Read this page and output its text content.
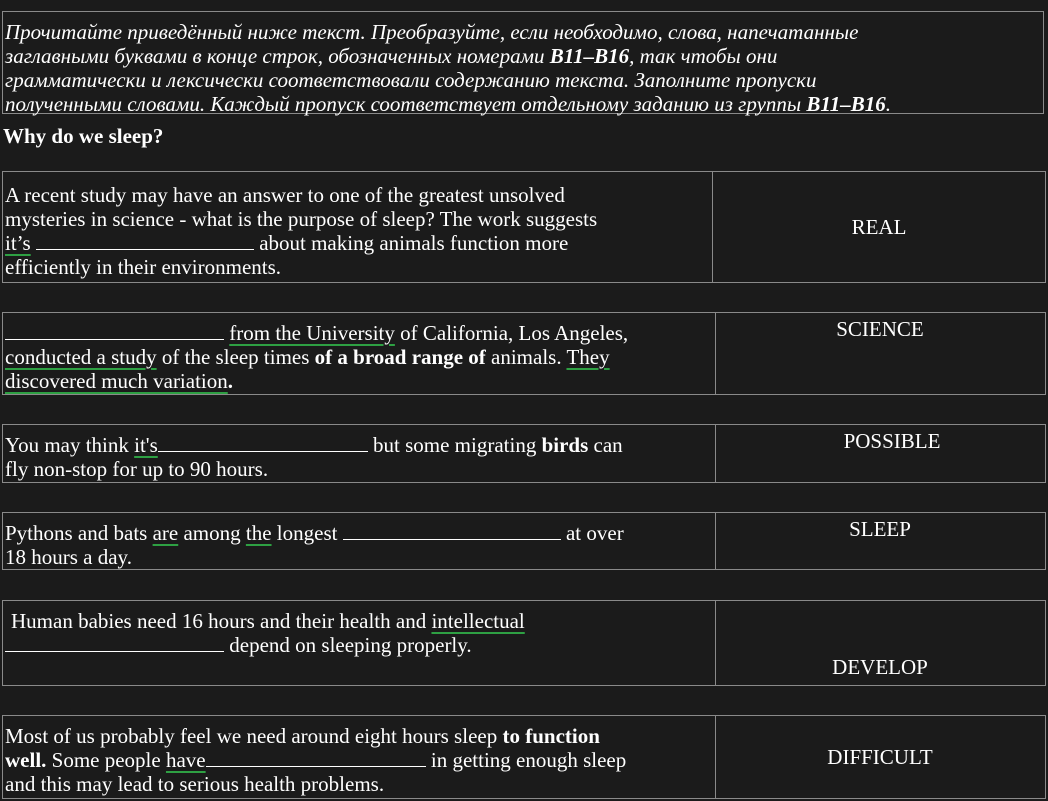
Прочитайте приведённый ниже текст. Преобразуйте, если необходимо, слова, напечатанные
заглавными буквами в конце строк, обозначенных номерами B11–B16, так чтобы они
грамматически и лексически соответствовали содержанию текста. Заполните пропуски
полученными словами. Каждый пропуск соответствует отдельному заданию из группы B11–B16.
Why do we sleep?
A recent study may have an answer to one of the greatest unsolved
mysteries in science - what is the purpose of sleep? The work suggests
it’s	about making animals function more
efficiently in their environments.
REAL
from the University of California, Los Angeles,
conducted a study of the sleep times of a broad range of animals. They
discovered much variation.
SCIENCE
You may think it's	but some migrating birds can
fly non-stop for up to 90 hours.
POSSIBLE
Pythons and bats are among the longest	at over
18 hours a day.
SLEEP
Human babies need 16 hours and their health and intellectual
depend on sleeping properly.
DEVELOP
Most of us probably feel we need around eight hours sleep to function
well. Some people have	in getting enough sleep
and this may lead to serious health problems.
DIFFICULT
